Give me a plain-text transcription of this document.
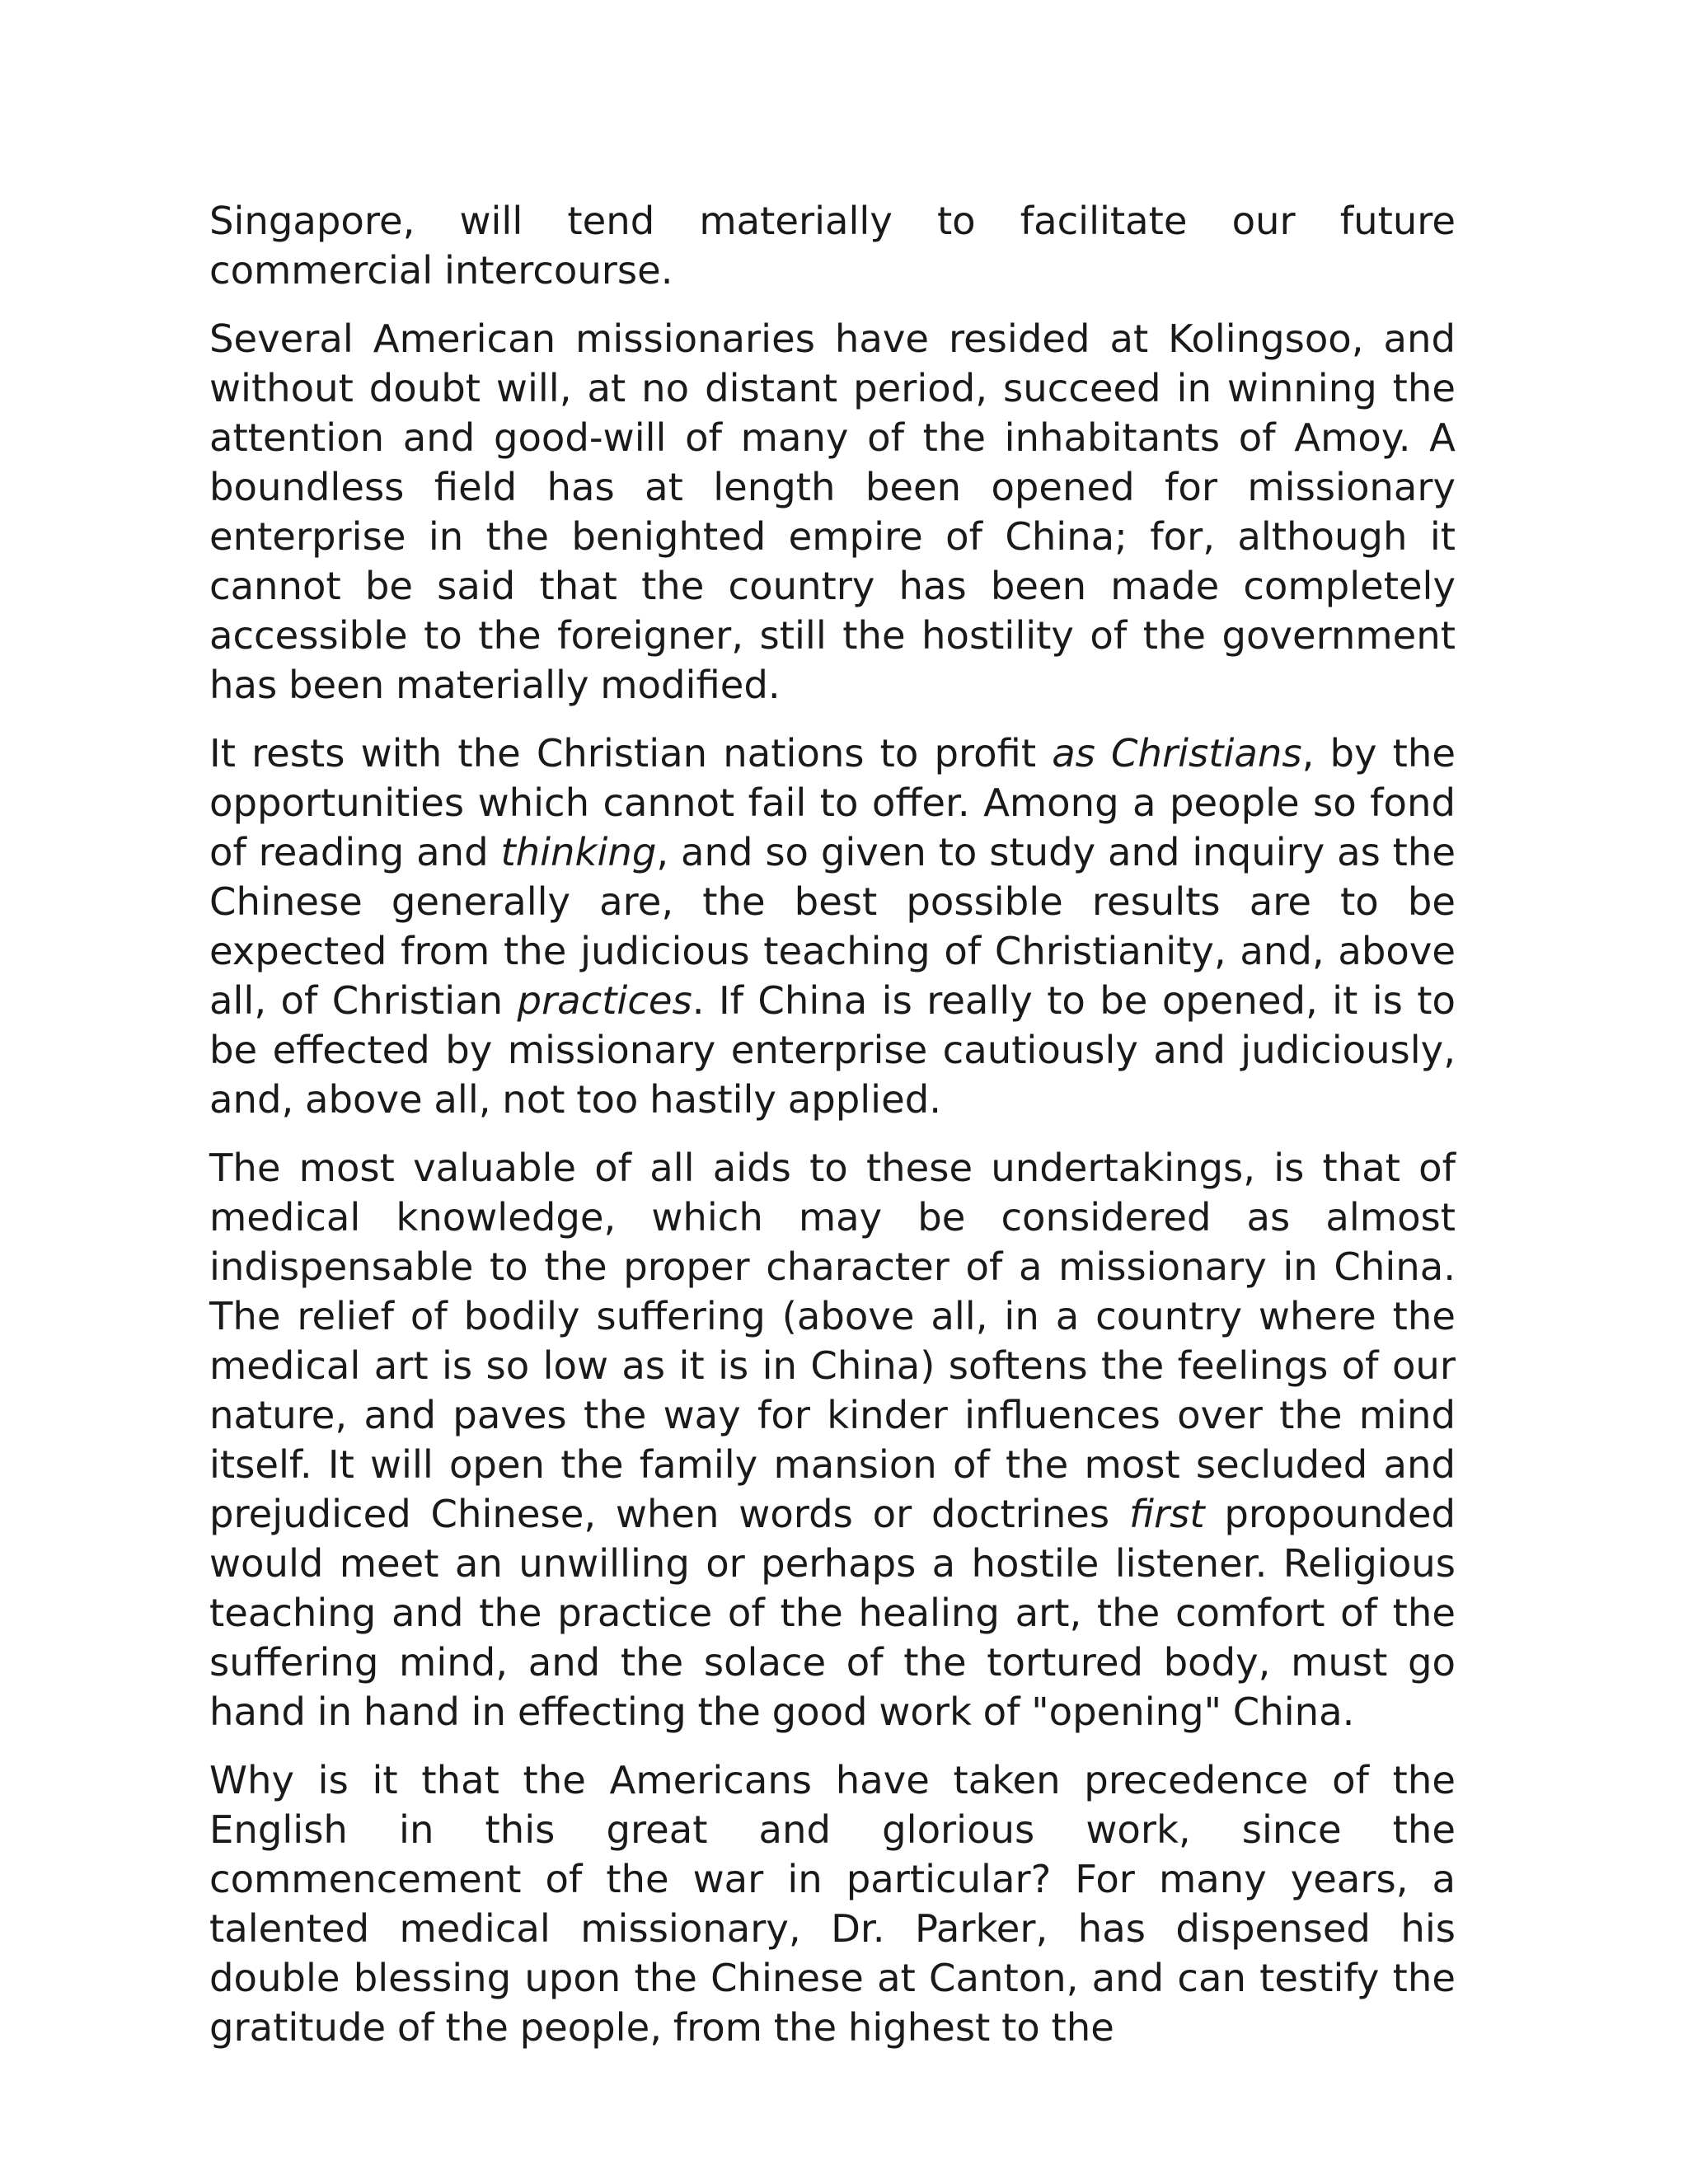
Singapore, will tend materially to facilitate our future commercial intercourse.

Several American missionaries have resided at Kolingsoo, and without doubt will, at no distant period, succeed in winning the attention and good-will of many of the inhabitants of Amoy. A boundless field has at length been opened for missionary enterprise in the benighted empire of China; for, although it cannot be said that the country has been made completely accessible to the foreigner, still the hostility of the government has been materially modified.

It rests with the Christian nations to profit as Christians, by the opportunities which cannot fail to offer. Among a people so fond of reading and thinking, and so given to study and inquiry as the Chinese generally are, the best possible results are to be expected from the judicious teaching of Christianity, and, above all, of Christian practices. If China is really to be opened, it is to be effected by missionary enterprise cautiously and judiciously, and, above all, not too hastily applied.

The most valuable of all aids to these undertakings, is that of medical knowledge, which may be considered as almost indispensable to the proper character of a missionary in China. The relief of bodily suffering (above all, in a country where the medical art is so low as it is in China) softens the feelings of our nature, and paves the way for kinder influences over the mind itself. It will open the family mansion of the most secluded and prejudiced Chinese, when words or doctrines first propounded would meet an unwilling or perhaps a hostile listener. Religious teaching and the practice of the healing art, the comfort of the suffering mind, and the solace of the tortured body, must go hand in hand in effecting the good work of "opening" China.

Why is it that the Americans have taken precedence of the English in this great and glorious work, since the commencement of the war in particular? For many years, a talented medical missionary, Dr. Parker, has dispensed his double blessing upon the Chinese at Canton, and can testify the gratitude of the people, from the highest to the
